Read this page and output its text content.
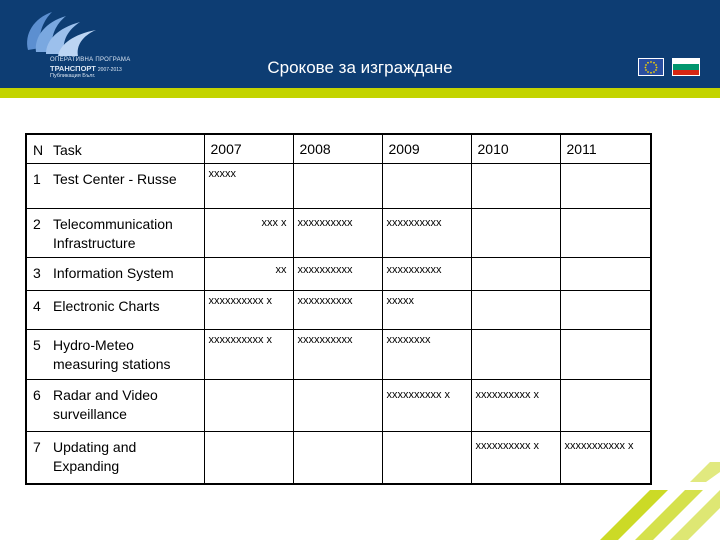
ОПЕРАТИВНА ПРОГРАМА
ТРАНСПОРТ 2007-2013
Публикация Бълг.	Срокове за изграждане
N Task	2007	2008	2009	2010	2011

1 Test Center - Russe	xxxxx				

2 Telecommunication Infrastructure	xxx x	xxxxxxxxxx	xxxxxxxxxx		

3 Information System	xx	xxxxxxxxxx	xxxxxxxxxx		

4 Electronic Charts	xxxxxxxxxx x	xxxxxxxxxx	xxxxx		

5 Hydro-Meteo measuring stations	xxxxxxxxxx x	xxxxxxxxxx	xxxxxxxx		

6 Radar and Video surveillance			xxxxxxxxxx x	xxxxxxxxxx x	

7 Updating and Expanding				xxxxxxxxxx x	xxxxxxxxxxx x
